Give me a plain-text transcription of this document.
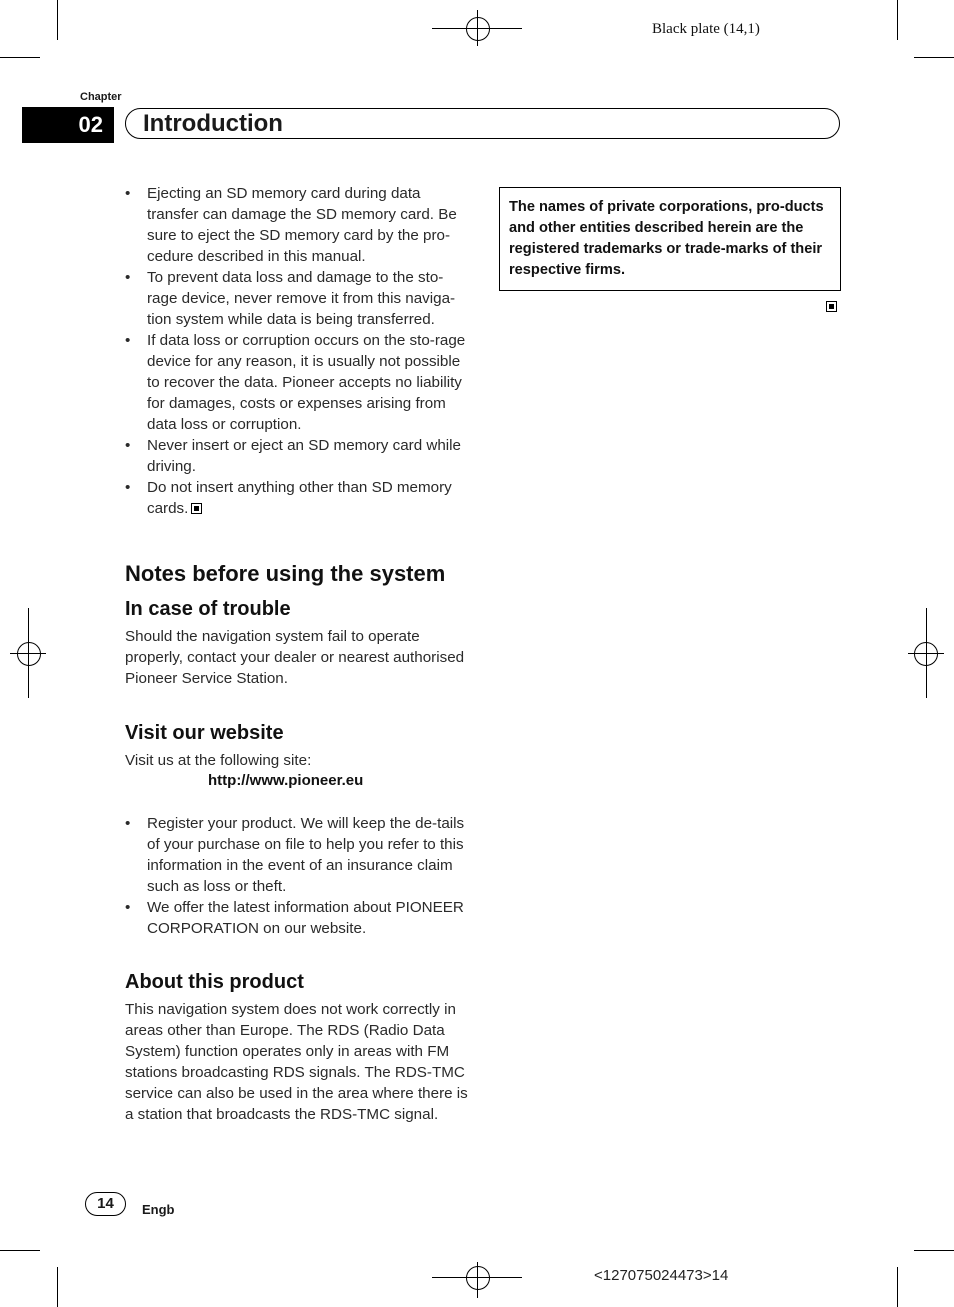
Black plate (14,1)
Chapter
02	Introduction
• Ejecting an SD memory card during data transfer can damage the SD memory card. Be sure to eject the SD memory card by the pro-cedure described in this manual.
• To prevent data loss and damage to the sto-rage device, never remove it from this naviga-tion system while data is being transferred.
• If data loss or corruption occurs on the sto-rage device for any reason, it is usually not possible to recover the data. Pioneer accepts no liability for damages, costs or expenses arising from data loss or corruption.
• Never insert or eject an SD memory card while driving.
• Do not insert anything other than SD memory cards.
Notes before using the system
In case of trouble

Should the navigation system fail to operate properly, contact your dealer or nearest authorised Pioneer Service Station.

Visit our website

Visit us at the following site:

http://www.pioneer.eu
• Register your product. We will keep the de-tails of your purchase on file to help you refer to this information in the event of an insurance claim such as loss or theft.
• We offer the latest information about PIONEER CORPORATION on our website.
About this product

This navigation system does not work correctly in areas other than Europe. The RDS (Radio Data System) function operates only in areas with FM stations broadcasting RDS signals. The RDS-TMC service can also be used in the area where there is a station that broadcasts the RDS-TMC signal.

The names of private corporations, pro-ducts and other entities described herein are the registered trademarks or trade-marks of their respective firms.
14	Engb
<127075024473>14
